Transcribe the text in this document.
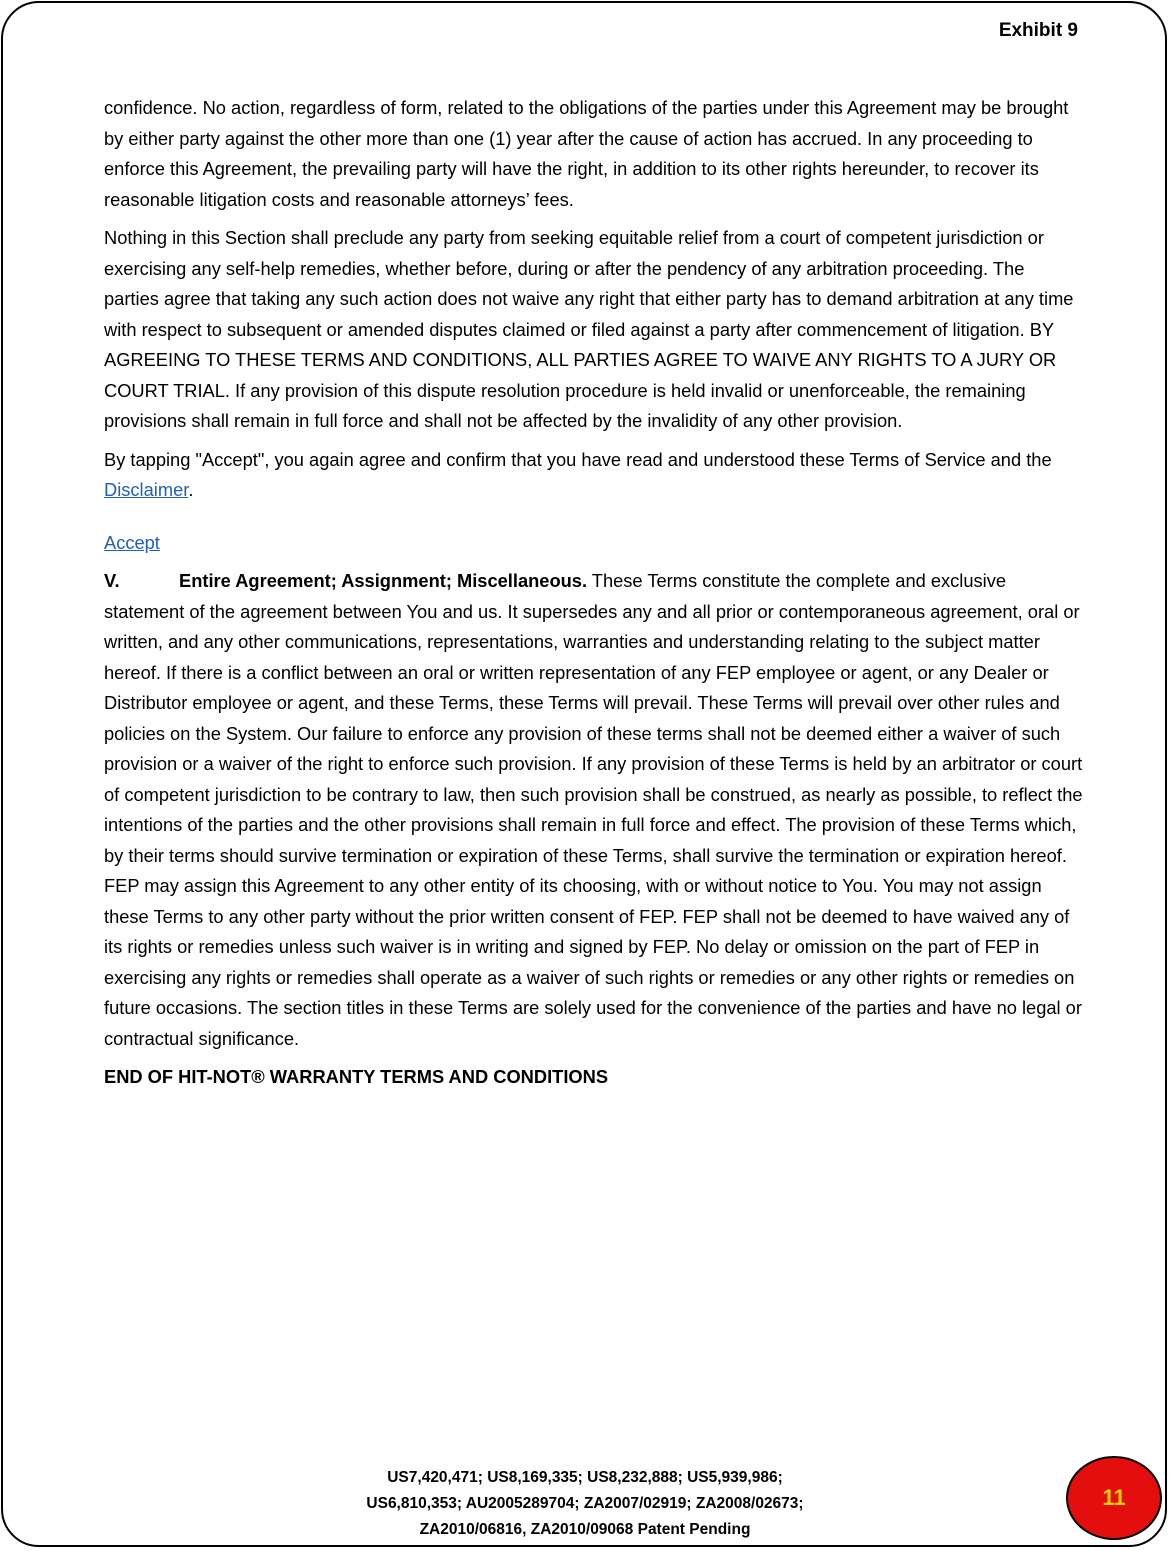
Exhibit 9

confidence. No action, regardless of form, related to the obligations of the parties under this Agreement may be brought by either party against the other more than one (1) year after the cause of action has accrued. In any proceeding to enforce this Agreement, the prevailing party will have the right, in addition to its other rights hereunder, to recover its reasonable litigation costs and reasonable attorneys’ fees.

Nothing in this Section shall preclude any party from seeking equitable relief from a court of competent jurisdiction or exercising any self-help remedies, whether before, during or after the pendency of any arbitration proceeding. The parties agree that taking any such action does not waive any right that either party has to demand arbitration at any time with respect to subsequent or amended disputes claimed or filed against a party after commencement of litigation. BY AGREEING TO THESE TERMS AND CONDITIONS, ALL PARTIES AGREE TO WAIVE ANY RIGHTS TO A JURY OR COURT TRIAL. If any provision of this dispute resolution procedure is held invalid or unenforceable, the remaining provisions shall remain in full force and shall not be affected by the invalidity of any other provision.

By tapping "Accept", you again agree and confirm that you have read and understood these Terms of Service and the Disclaimer.

Accept

V.	Entire Agreement; Assignment; Miscellaneous. These Terms constitute the complete and exclusive statement of the agreement between You and us. It supersedes any and all prior or contemporaneous agreement, oral or written, and any other communications, representations, warranties and understanding relating to the subject matter hereof. If there is a conflict between an oral or written representation of any FEP employee or agent, or any Dealer or Distributor employee or agent, and these Terms, these Terms will prevail. These Terms will prevail over other rules and policies on the System. Our failure to enforce any provision of these terms shall not be deemed either a waiver of such provision or a waiver of the right to enforce such provision. If any provision of these Terms is held by an arbitrator or court of competent jurisdiction to be contrary to law, then such provision shall be construed, as nearly as possible, to reflect the intentions of the parties and the other provisions shall remain in full force and effect. The provision of these Terms which, by their terms should survive termination or expiration of these Terms, shall survive the termination or expiration hereof. FEP may assign this Agreement to any other entity of its choosing, with or without notice to You. You may not assign these Terms to any other party without the prior written consent of FEP. FEP shall not be deemed to have waived any of its rights or remedies unless such waiver is in writing and signed by FEP. No delay or omission on the part of FEP in exercising any rights or remedies shall operate as a waiver of such rights or remedies or any other rights or remedies on future occasions. The section titles in these Terms are solely used for the convenience of the parties and have no legal or contractual significance.

END OF HIT-NOT® WARRANTY TERMS AND CONDITIONS

US7,420,471; US8,169,335; US8,232,888; US5,939,986;
US6,810,353; AU2005289704; ZA2007/02919; ZA2008/02673;
ZA2010/06816, ZA2010/09068 Patent Pending
11
